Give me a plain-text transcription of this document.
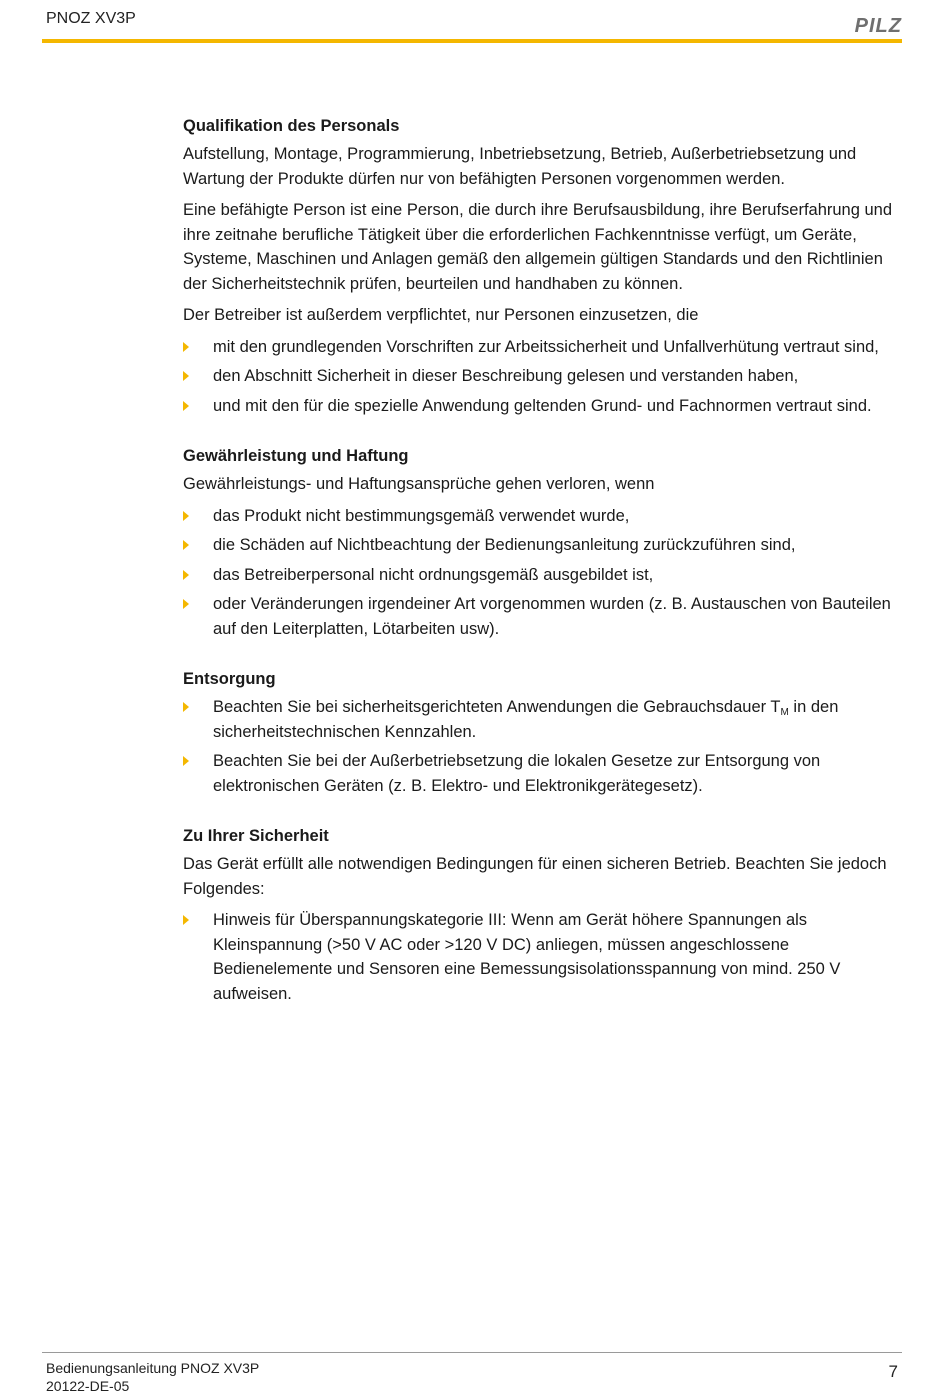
PNOZ XV3P	PILZ
Qualifikation des Personals

Aufstellung, Montage, Programmierung, Inbetriebsetzung, Betrieb, Außerbetriebsetzung und Wartung der Produkte dürfen nur von befähigten Personen vorgenommen werden.

Eine befähigte Person ist eine Person, die durch ihre Berufsausbildung, ihre Berufserfahrung und ihre zeitnahe berufliche Tätigkeit über die erforderlichen Fachkenntnisse verfügt, um Geräte, Systeme, Maschinen und Anlagen gemäß den allgemein gültigen Standards und den Richtlinien der Sicherheitstechnik prüfen, beurteilen und handhaben zu können.

Der Betreiber ist außerdem verpflichtet, nur Personen einzusetzen, die

mit den grundlegenden Vorschriften zur Arbeitssicherheit und Unfallverhütung vertraut sind,
den Abschnitt Sicherheit in dieser Beschreibung gelesen und verstanden haben,
und mit den für die spezielle Anwendung geltenden Grund- und Fachnormen vertraut sind.
Gewährleistung und Haftung

Gewährleistungs- und Haftungsansprüche gehen verloren, wenn

das Produkt nicht bestimmungsgemäß verwendet wurde,
die Schäden auf Nichtbeachtung der Bedienungsanleitung zurückzuführen sind,
das Betreiberpersonal nicht ordnungsgemäß ausgebildet ist,
oder Veränderungen irgendeiner Art vorgenommen wurden (z. B. Austauschen von Bauteilen auf den Leiterplatten, Lötarbeiten usw).
Entsorgung
Beachten Sie bei sicherheitsgerichteten Anwendungen die Gebrauchsdauer $T_M$ in den sicherheitstechnischen Kennzahlen.
Beachten Sie bei der Außerbetriebsetzung die lokalen Gesetze zur Entsorgung von elektronischen Geräten (z. B. Elektro- und Elektronikgerätegesetz).
Zu Ihrer Sicherheit

Das Gerät erfüllt alle notwendigen Bedingungen für einen sicheren Betrieb. Beachten Sie jedoch Folgendes:

Hinweis für Überspannungskategorie III: Wenn am Gerät höhere Spannungen als Kleinspannung (>50 V AC oder >120 V DC) anliegen, müssen angeschlossene Bedienelemente und Sensoren eine Bemessungsisolationsspannung von mind. 250 V aufweisen.
Bedienungsanleitung PNOZ XV3P
20122-DE-05
7
